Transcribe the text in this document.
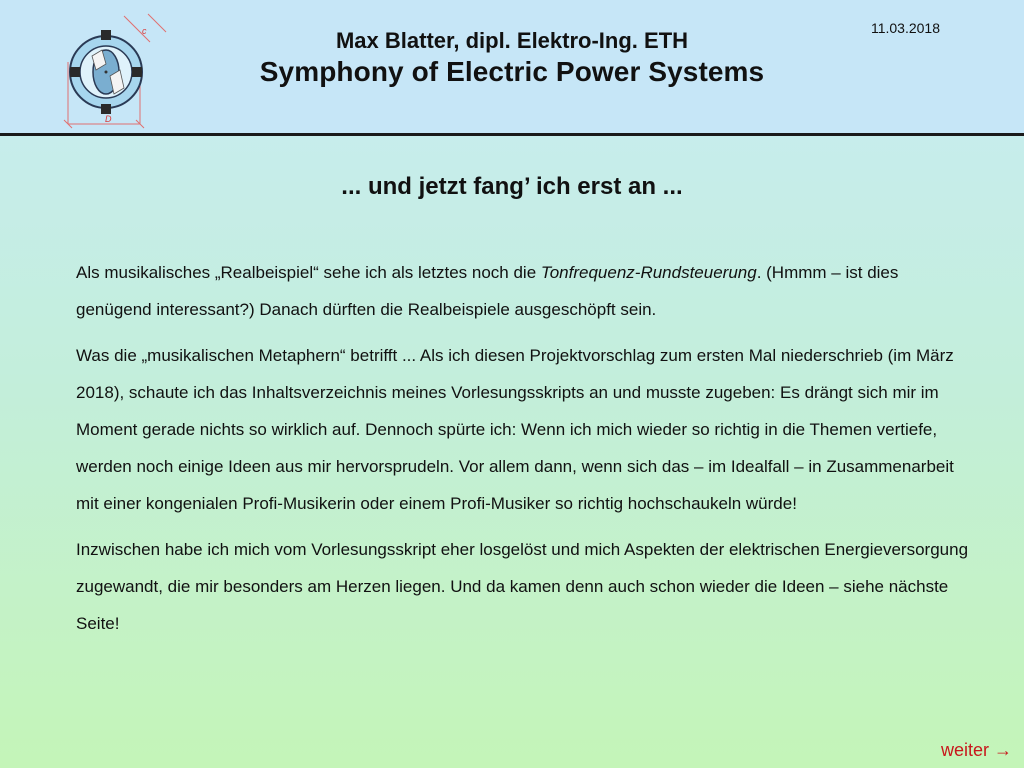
c
D
Max Blatter, dipl. Elektro-Ing. ETH
Symphony of Electric Power Systems
11.03.2018
... und jetzt fang’ ich erst an ...

Als musikalisches „Realbeispiel“ sehe ich als letztes noch die Tonfrequenz-Rundsteuerung. (Hmmm – ist dies genügend interessant?) Danach dürften die Realbeispiele ausgeschöpft sein.

Was die „musikalischen Metaphern“ betrifft ... Als ich diesen Projektvorschlag zum ersten Mal niederschrieb (im März 2018), schaute ich das Inhaltsverzeichnis meines Vorlesungsskripts an und musste zugeben: Es drängt sich mir im Moment gerade nichts so wirklich auf. Dennoch spürte ich: Wenn ich mich wieder so richtig in die Themen vertiefe, werden noch einige Ideen aus mir hervorsprudeln. Vor allem dann, wenn sich das – im Idealfall – in Zusammenarbeit mit einer kongenialen Profi-Musikerin oder einem Profi-Musiker so richtig hochschaukeln würde!

Inzwischen habe ich mich vom Vorlesungsskript eher losgelöst und mich Aspekten der elektrischen Energieversorgung zugewandt, die mir besonders am Herzen liegen. Und da kamen denn auch schon wieder die Ideen – siehe nächste Seite!

weiter →
